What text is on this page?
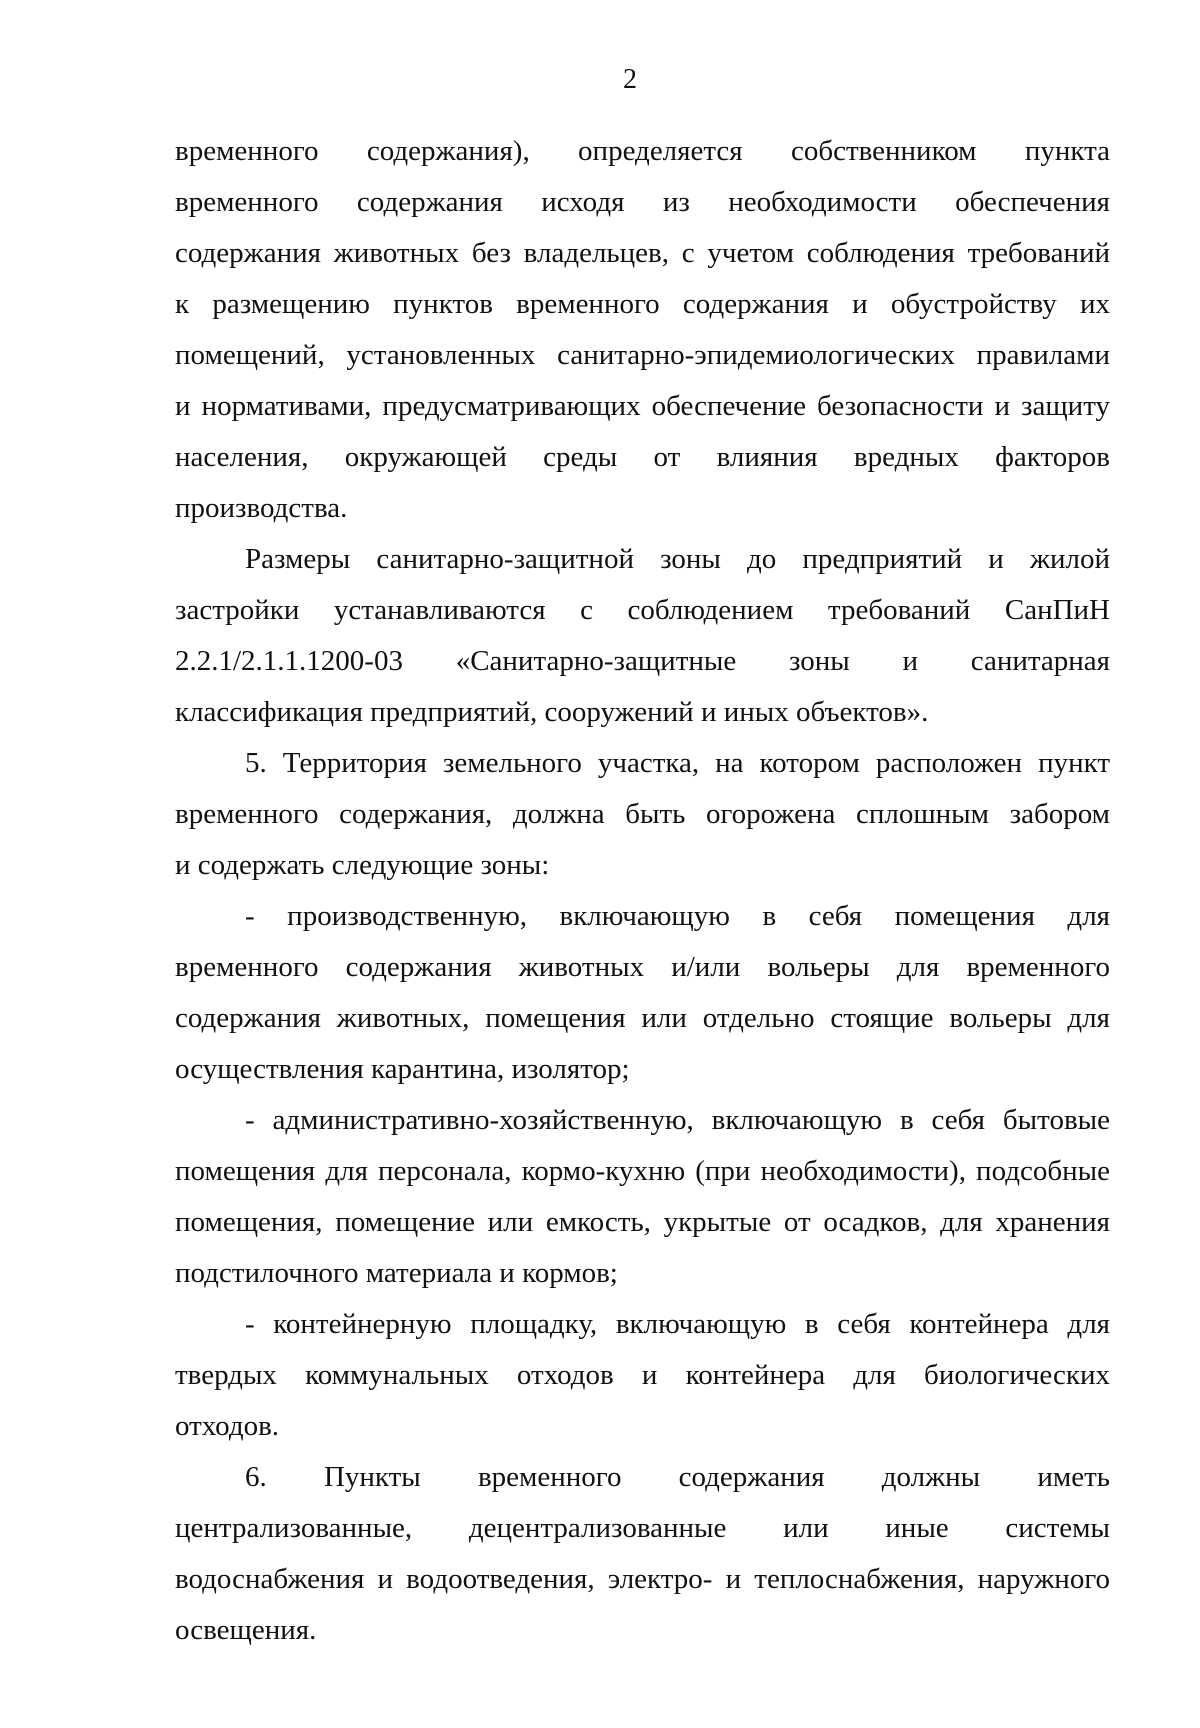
2
временного содержания), определяется собственником пункта
временного содержания исходя из необходимости обеспечения
содержания животных без владельцев, с учетом соблюдения требований
к размещению пунктов временного содержания и обустройству их
помещений, установленных санитарно-эпидемиологических правилами
и нормативами, предусматривающих обеспечение безопасности и защиту
населения, окружающей среды от влияния вредных факторов
производства.
Размеры санитарно-защитной зоны до предприятий и жилой
застройки устанавливаются с соблюдением требований СанПиН
2.2.1/2.1.1.1200-03 «Санитарно-защитные зоны и санитарная
классификация предприятий, сооружений и иных объектов».
5. Территория земельного участка, на котором расположен пункт
временного содержания, должна быть огорожена сплошным забором
и содержать следующие зоны:
- производственную, включающую в себя помещения для
временного содержания животных и/или вольеры для временного
содержания животных, помещения или отдельно стоящие вольеры для
осуществления карантина, изолятор;
- административно-хозяйственную, включающую в себя бытовые
помещения для персонала, кормо-кухню (при необходимости), подсобные
помещения, помещение или емкость, укрытые от осадков, для хранения
подстилочного материала и кормов;
- контейнерную площадку, включающую в себя контейнера для
твердых коммунальных отходов и контейнера для биологических
отходов.
6. Пункты временного содержания должны иметь
централизованные, децентрализованные или иные системы
водоснабжения и водоотведения, электро- и теплоснабжения, наружного
освещения.
